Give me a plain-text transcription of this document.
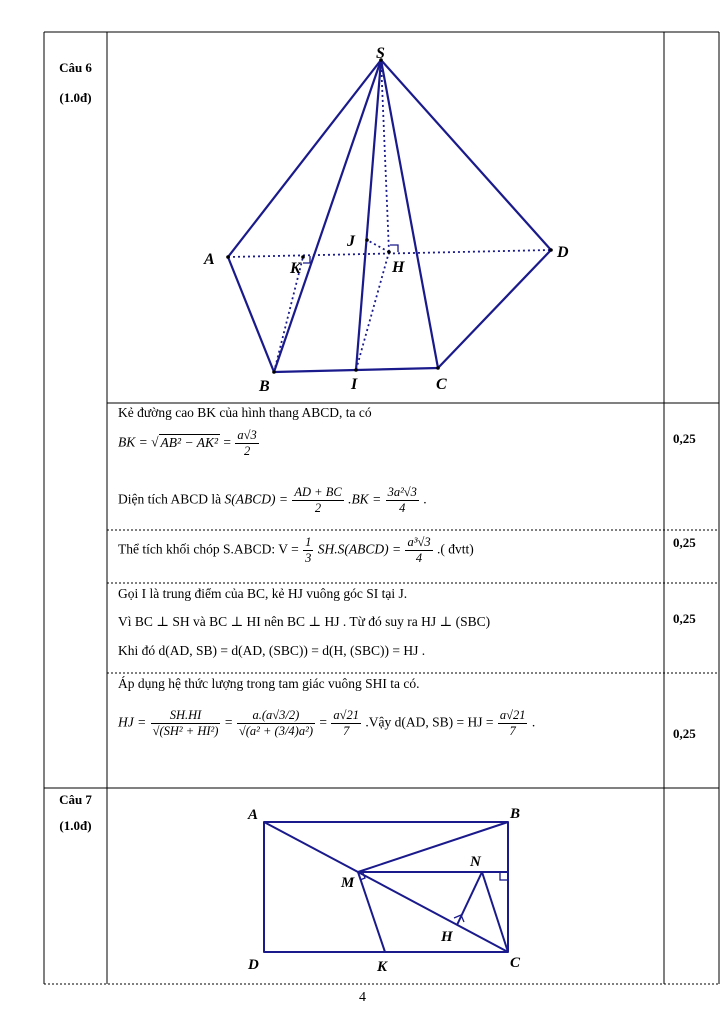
Câu 6
(1.0đ)
S
A
B	I	C
D
H
J
K
Kẻ đường cao BK của hình thang ABCD, ta có
BK = √ $AB^2 - AK^2 = \frac{a√3}{2}$
Diện tích ABCD là S(ABCD) = $\frac{AD + BC}{2} .BK = \frac{\text{3a²√3}}{4}$ .
0,25
Thể tích khối chóp S.ABCD: $V = \frac{1}{3}$ SH.S(ABCD) = $\frac{\text{a³√3}}{4}$ .( đvtt)	0,25
Gọi I là trung điểm của BC, kẻ HJ vuông góc SI tại J.
Vì BC ⊥ SH và BC ⊥ HI nên BC ⊥ HJ . Từ đó suy ra HJ ⊥ (SBC)
Khi đó d(AD, SB) = d(AD, (SBC)) = d(H, (SBC)) = HJ .
0,25
Áp dụng hệ thức lượng trong tam giác vuông SHI ta có.
HJ = $\frac{SH.HI}{\text{√(SH² + HI²)}} = \frac{a.(a√3/2)}{\text{√(a² + (3/4)a²)}} = \frac{a√21}{7}$ .Vậy d(AD, SB) = HJ = $\frac{a√21}{7}$ .
0,25
Câu 7
(1.0đ)
A	B
C
D
M
N
H
K
4
